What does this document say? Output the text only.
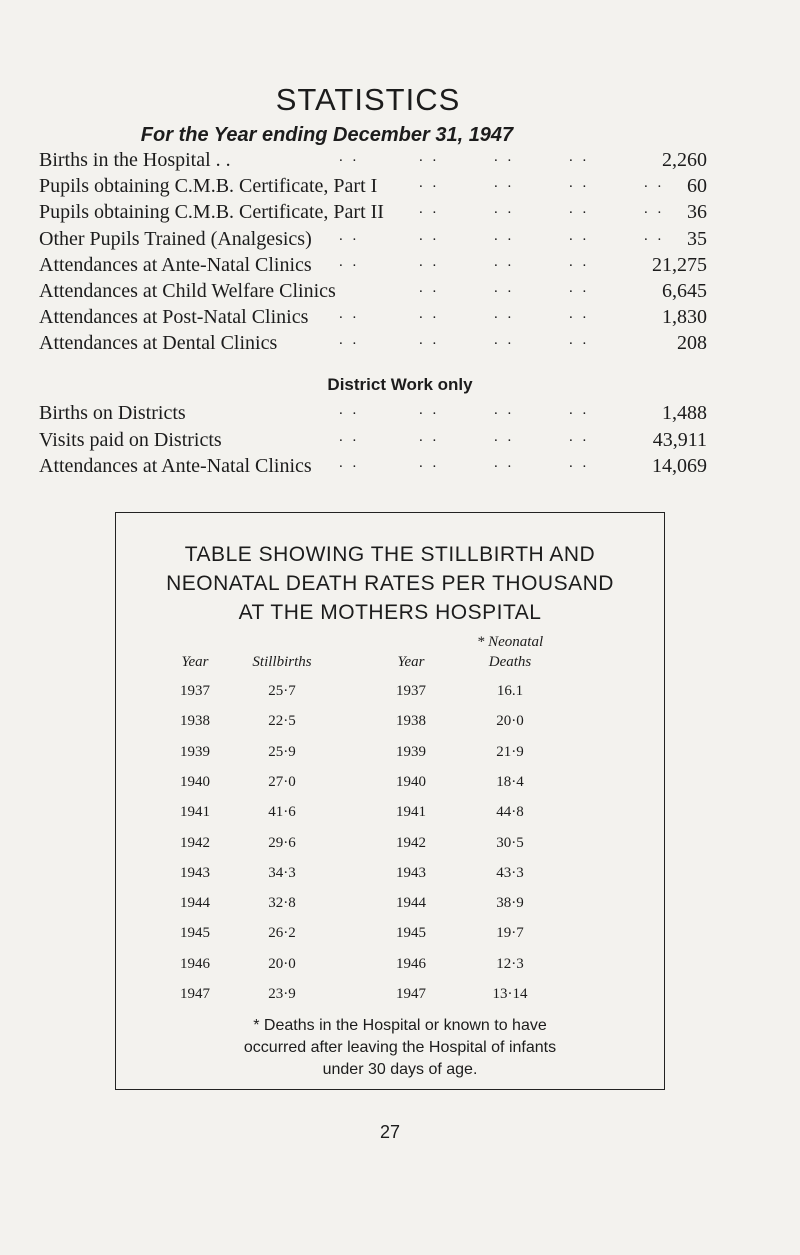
STATISTICS
For the Year ending December 31, 1947
Births in the Hospital . .	2,260
. .	. .	. .	. .
Pupils obtaining C.M.B. Certificate, Part I	60
. .	. .	. .	. .
Pupils obtaining C.M.B. Certificate, Part II	36
. .	. .	. .	. .
Other Pupils Trained (Analgesics)	35
. .	. .	. .	. .	. .
Attendances at Ante-Natal Clinics	21,275
. .	. .	. .	. .
Attendances at Child Welfare Clinics	6,645
. .	. .	. .
Attendances at Post-Natal Clinics	1,830
. .	. .	. .	. .
Attendances at Dental Clinics	208
. .	. .	. .	. .
District Work only
Births on Districts	1,488
. .	. .	. .	. .
Visits paid on Districts	43,911
. .	. .	. .	. .
Attendances at Ante-Natal Clinics	14,069
. .	. .	. .	. .
TABLE SHOWING THE STILLBIRTH AND
NEONATAL DEATH RATES PER THOUSAND
AT THE MOTHERS HOSPITAL
Year	Stillbirths	Year
* Neonatal
Deaths
1937	25·7	1937	16.1
1938	22·5	1938	20·0
1939	25·9	1939	21·9
1940	27·0	1940	18·4
1941	41·6	1941	44·8
1942	29·6	1942	30·5
1943	34·3	1943	43·3
1944	32·8	1944	38·9
1945	26·2	1945	19·7
1946	20·0	1946	12·3
1947	23·9	1947	13·14
* Deaths in the Hospital or known to have
occurred after leaving the Hospital of infants
under 30 days of age.
27
